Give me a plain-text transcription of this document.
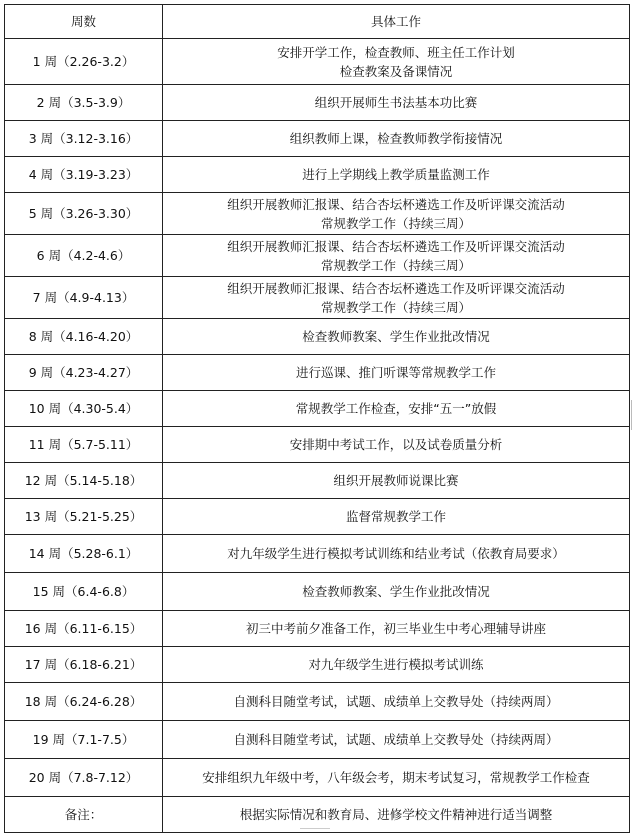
周数	具体工作
1 周（2.26-3.2）	安排开学工作，检查教师、班主任工作计划
检查教案及备课情况

2 周（3.5-3.9）	组织开展师生书法基本功比赛

3 周（3.12-3.16）	组织教师上课，检查教师教学衔接情况

4 周（3.19-3.23）	进行上学期线上教学质量监测工作

5 周（3.26-3.30）	组织开展教师汇报课、结合杏坛杯遴选工作及听评课交流活动
常规教学工作（持续三周）

6 周（4.2-4.6）	组织开展教师汇报课、结合杏坛杯遴选工作及听评课交流活动
常规教学工作（持续三周）

7 周（4.9-4.13）	组织开展教师汇报课、结合杏坛杯遴选工作及听评课交流活动
常规教学工作（持续三周）

8 周（4.16-4.20）	检查教师教案、学生作业批改情况

9 周（4.23-4.27）	进行巡课、推门听课等常规教学工作

10 周（4.30-5.4）	常规教学工作检查，安排“五一”放假

11 周（5.7-5.11）	安排期中考试工作，以及试卷质量分析

12 周（5.14-5.18）	组织开展教师说课比赛

13 周（5.21-5.25）	监督常规教学工作

14 周（5.28-6.1）	对九年级学生进行模拟考试训练和结业考试（依教育局要求）

15 周（6.4-6.8）	检查教师教案、学生作业批改情况

16 周（6.11-6.15）	初三中考前夕准备工作，初三毕业生中考心理辅导讲座

17 周（6.18-6.21）	对九年级学生进行模拟考试训练

18 周（6.24-6.28）	自测科目随堂考试，试题、成绩单上交教导处（持续两周）

19 周（7.1-7.5）	自测科目随堂考试，试题、成绩单上交教导处（持续两周）

20 周（7.8-7.12）	安排组织九年级中考，八年级会考，期末考试复习，常规教学工作检查

备注：	根据实际情况和教育局、进修学校文件精神进行适当调整
